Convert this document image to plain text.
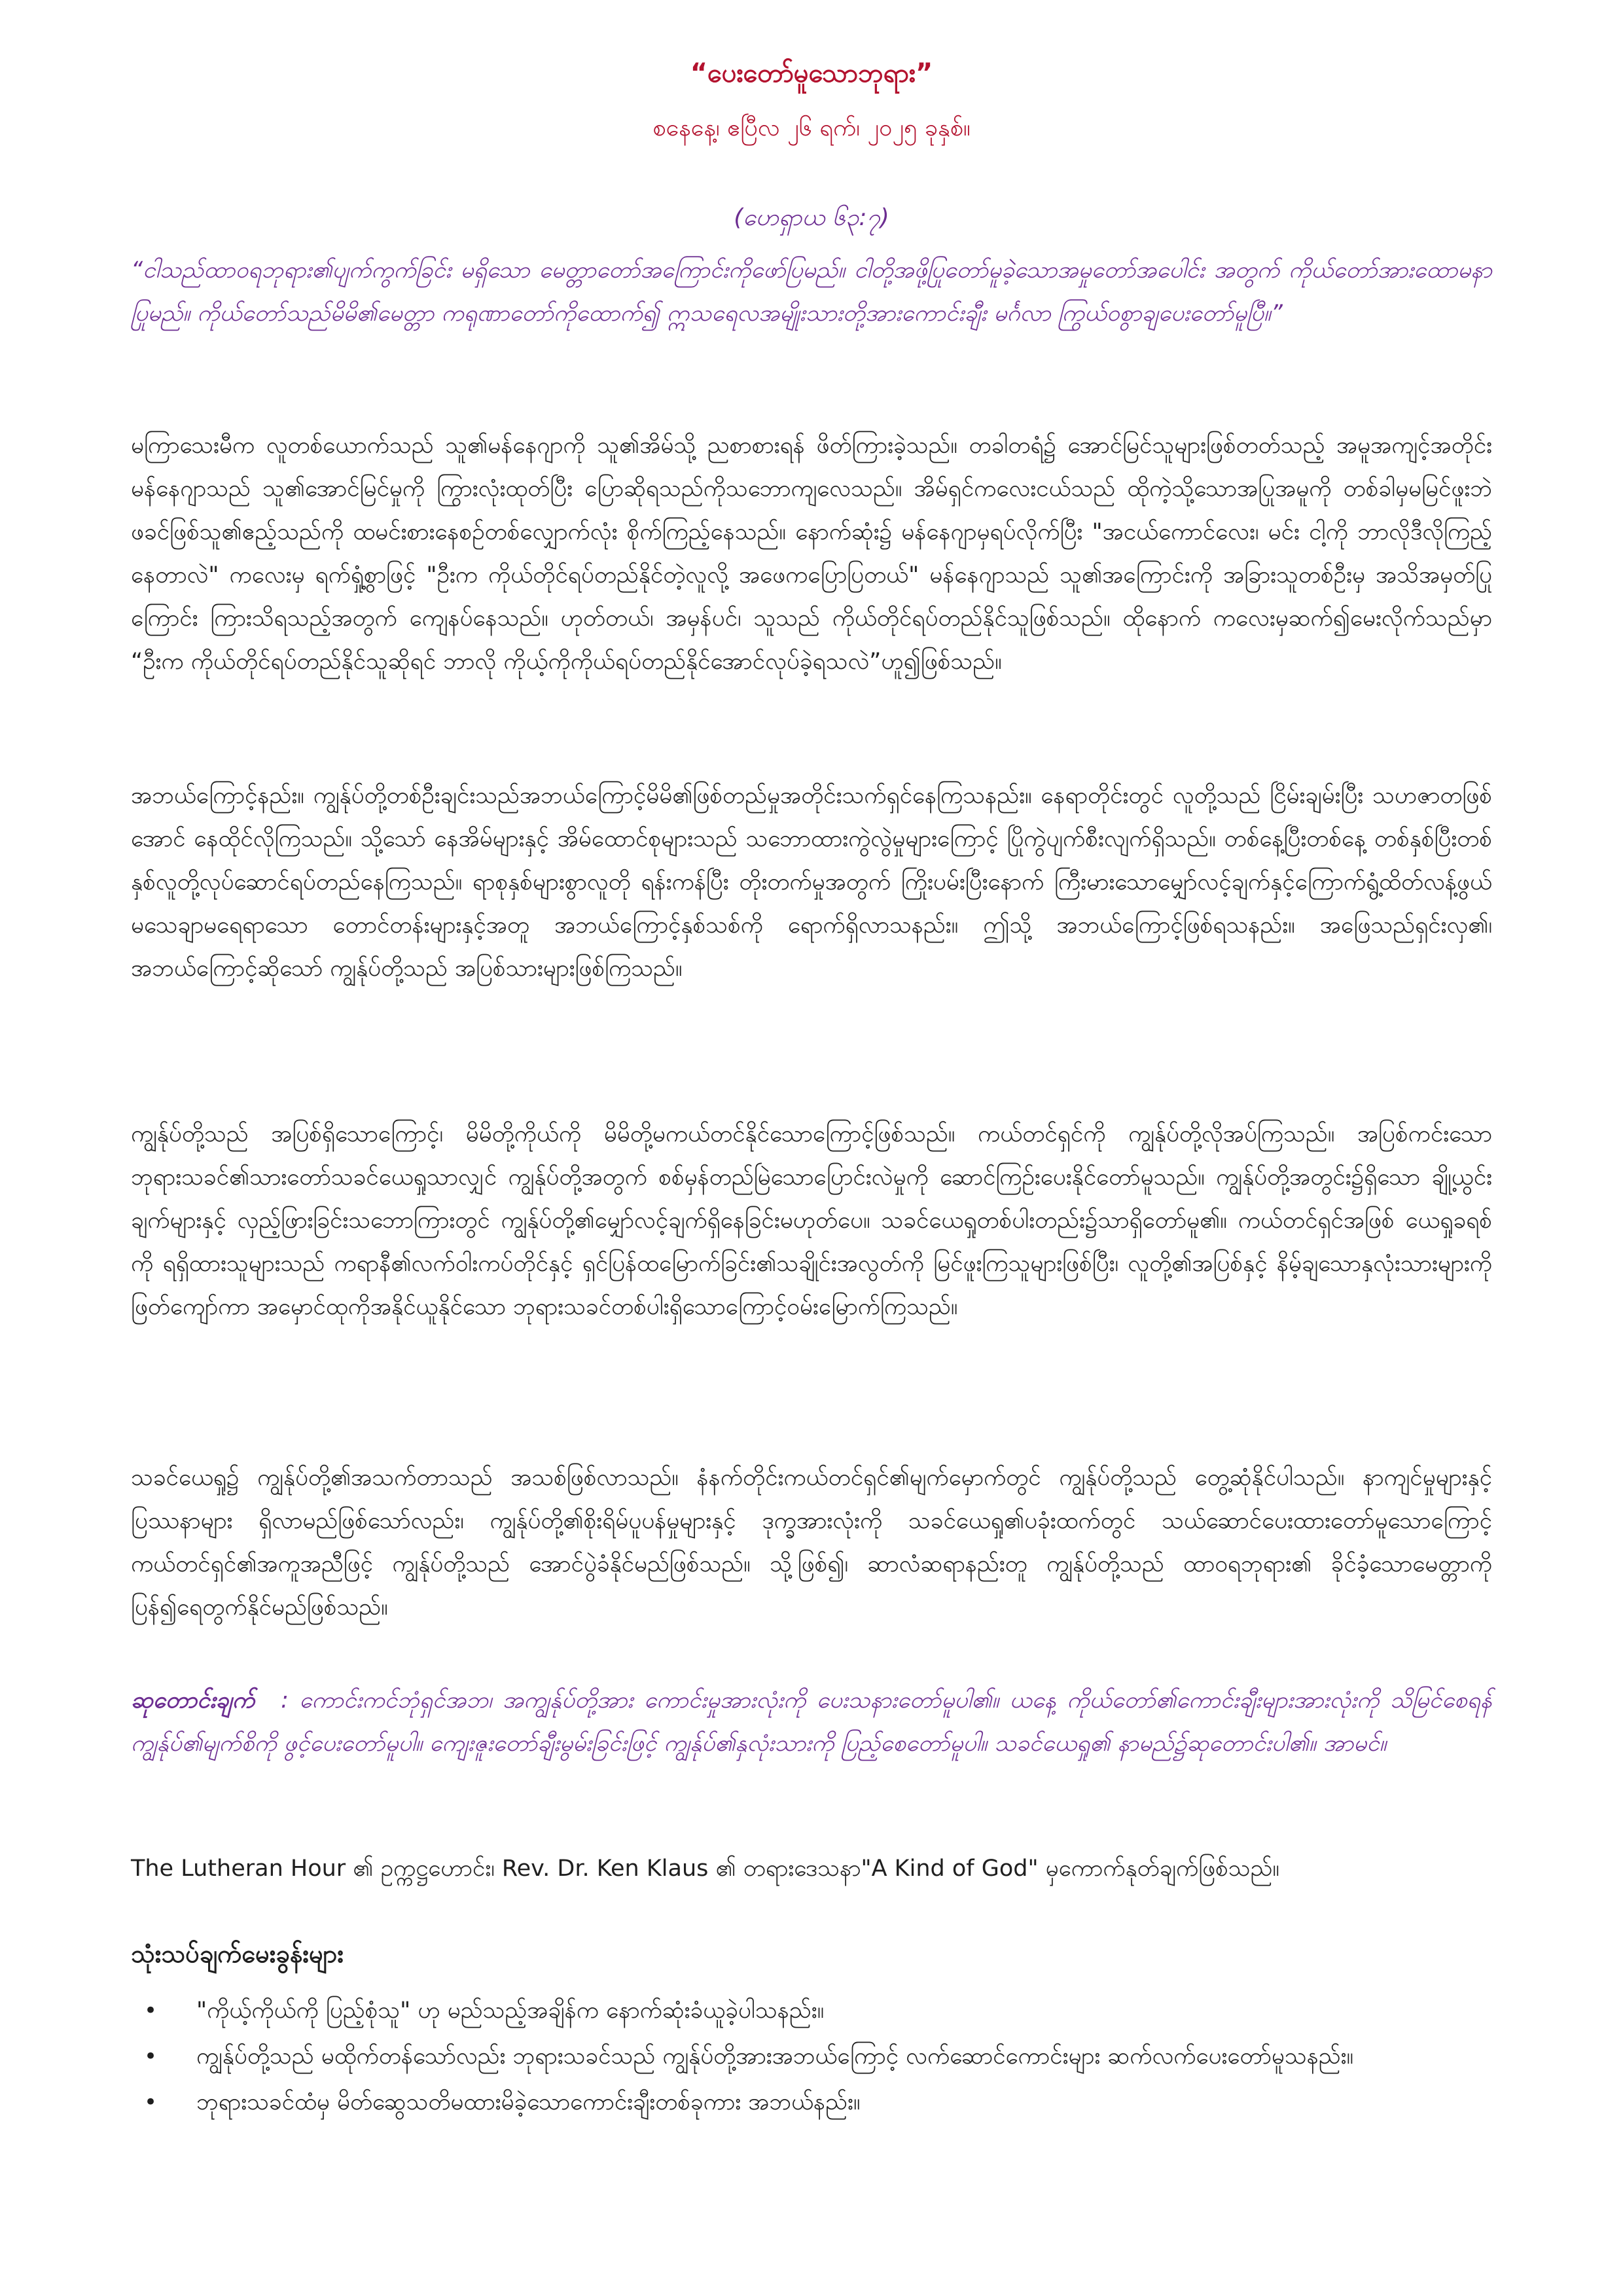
“ပေးတော်မူသောဘုရား”
စနေနေ့၊ ဧပြီလ ၂၆ ရက်၊ ၂၀၂၅ ခုနှစ်။
(ဟေရှာယ ၆၃:၇)
“ငါသည်ထာဝရဘုရား၏ပျက်ကွက်ခြင်း မရှိသော မေတ္တာတော်အကြောင်းကိုဖော်ပြမည်။ ငါတို့အဖို့ပြုတော်မူခဲ့သောအမှုတော်အပေါင်း အတွက် ကိုယ်တော်အားထောမနာပြုမည်။ ကိုယ်တော်သည်မိမိ၏မေတ္တာ ကရုဏာတော်ကိုထောက်၍ ဣသရေလအမျိုးသားတို့အားကောင်းချီး မင်္ဂလာ ကြွယ်ဝစွာချပေးတော်မူပြီ။”
မကြာသေးမီက လူတစ်ယောက်သည် သူ၏မန်နေဂျာကို သူ၏အိမ်သို့ ညစာစားရန် ဖိတ်ကြားခဲ့သည်။ တခါတရံ၌ အောင်မြင်သူများဖြစ်တတ်သည့် အမူအကျင့်အတိုင်း မန်နေဂျာသည် သူ၏အောင်မြင်မှုကို ကြွားလုံးထုတ်ပြီး ပြောဆိုရသည်ကိုသဘောကျလေသည်။ အိမ်ရှင်ကလေးငယ်သည် ထိုကဲ့သို့သောအပြုအမူကို တစ်ခါမှမမြင်ဖူးဘဲ ဖခင်ဖြစ်သူ၏ဧည့်သည်ကို ထမင်းစားနေစဉ်တစ်လျှောက်လုံး စိုက်ကြည့်နေသည်။ နောက်ဆုံး၌ မန်နေဂျာမှရပ်လိုက်ပြီး "အငယ်ကောင်လေး၊ မင်း ငါ့ကို ဘာလိုဒီလိုကြည့်နေတာလဲ" ကလေးမှ ရက်ရှုံ့စွာဖြင့် "ဦးက ကိုယ်တိုင်ရပ်တည်နိုင်တဲ့လူလို့ အဖေကပြောပြတယ်" မန်နေဂျာသည် သူ၏အကြောင်းကို အခြားသူတစ်ဦးမှ အသိအမှတ်ပြုကြောင်း ကြားသိရသည့်အတွက် ကျေနပ်နေသည်။ ဟုတ်တယ်၊ အမှန်ပင်၊ သူသည် ကိုယ်တိုင်ရပ်တည်နိုင်သူဖြစ်သည်။ ထိုနောက် ကလေးမှဆက်၍မေးလိုက်သည်မှာ “ဦးက ကိုယ်တိုင်ရပ်တည်နိုင်သူဆိုရင် ဘာလို ကိုယ့်ကိုကိုယ်ရပ်တည်နိုင်အောင်လုပ်ခဲ့ရသလဲ”ဟူ၍ဖြစ်သည်။
အဘယ်ကြောင့်နည်း။ ကျွန်ုပ်တို့တစ်ဦးချင်းသည်အဘယ်ကြောင့်မိမိ၏ဖြစ်တည်မှုအတိုင်းသက်ရှင်နေကြသနည်း။ နေရာတိုင်းတွင် လူတို့သည် ငြိမ်းချမ်းပြီး သဟဇာတဖြစ်အောင် နေထိုင်လိုကြသည်။ သို့သော် နေအိမ်များနှင့် အိမ်ထောင်စုများသည် သဘောထားကွဲလွဲမှုများကြောင့် ပြိုကွဲပျက်စီးလျက်ရှိသည်။ တစ်နေ့ပြီးတစ်နေ့ တစ်နှစ်ပြီးတစ်နှစ်လူတို့လုပ်ဆောင်ရပ်တည်နေကြသည်။ ရာစုနှစ်များစွာလူတို ရန်းကန်ပြီး တိုးတက်မှုအတွက် ကြိုးပမ်းပြီးနောက် ကြီးမားသောမျှော်လင့်ချက်နှင့်ကြောက်ရွံ့ထိတ်လန့်ဖွယ် မသေချာမရေရာသော တောင်တန်းများနှင့်အတူ အဘယ်ကြောင့်နှစ်သစ်ကို ရောက်ရှိလာသနည်း။ ဤသို့ အဘယ်ကြောင့်ဖြစ်ရသနည်း။ အဖြေသည်ရှင်းလှ၏၊ အဘယ်ကြောင့်ဆိုသော် ကျွန်ုပ်တို့သည် အပြစ်သားများဖြစ်ကြသည်။
ကျွန်ုပ်တို့သည် အပြစ်ရှိသောကြောင့်၊ မိမိတို့ကိုယ်ကို မိမိတို့မကယ်တင်နိုင်သောကြောင့်ဖြစ်သည်။ ကယ်တင်ရှင်ကို ကျွန်ုပ်တို့လိုအပ်ကြသည်။ အပြစ်ကင်းသော ဘုရားသခင်၏သားတော်သခင်ယေရှုသာလျှင် ကျွန်ုပ်တို့အတွက် စစ်မှန်တည်မြဲသောပြောင်းလဲမှုကို ဆောင်ကြဉ်းပေးနိုင်တော်မူသည်။ ကျွန်ုပ်တို့အတွင်း၌ရှိသော ချို့ယွင်းချက်များနှင့် လှည့်ဖြားခြင်းသဘောကြားတွင် ကျွန်ုပ်တို့၏မျှော်လင့်ချက်ရှိနေခြင်းမဟုတ်ပေ။ သခင်ယေရှုတစ်ပါးတည်း၌သာရှိတော်မူ၏။ ကယ်တင်ရှင်အဖြစ် ယေရှုခရစ်ကို ရရှိထားသူများသည် ကရာနီ၏လက်ဝါးကပ်တိုင်နှင့် ရှင်ပြန်ထမြောက်ခြင်း၏သချိုင်းအလွတ်ကို မြင်ဖူးကြသူများဖြစ်ပြီး၊ လူတို့၏အပြစ်နှင့် နိမ့်ချသောနှလုံးသားများကိုဖြတ်ကျော်ကာ အမှောင်ထုကိုအနိုင်ယူနိုင်သော ဘုရားသခင်တစ်ပါးရှိသောကြောင့်ဝမ်းမြောက်ကြသည်။
သခင်ယေရှု၌ ကျွန်ုပ်တို့၏အသက်တာသည် အသစ်ဖြစ်လာသည်။ နံနက်တိုင်းကယ်တင်ရှင်၏မျက်မှောက်တွင် ကျွန်ုပ်တို့သည် တွေ့ဆုံနိုင်ပါသည်။ နာကျင်မှုများနှင့် ပြဿနာများ ရှိလာမည်ဖြစ်သော်လည်း၊ ကျွန်ုပ်တို့၏စိုးရိမ်ပူပန်မှုများနှင့် ဒုက္ခအားလုံးကို သခင်ယေရှု၏ပခုံးထက်တွင် သယ်ဆောင်ပေးထားတော်မူသောကြောင့် ကယ်တင်ရှင်၏အကူအညီဖြင့် ကျွန်ုပ်တို့သည် အောင်ပွဲခံနိုင်မည်ဖြစ်သည်။ သို့ဖြစ်၍၊ ဆာလံဆရာနည်းတူ ကျွန်ုပ်တို့သည် ထာဝရဘုရား၏ ခိုင်ခံ့သောမေတ္တာကိုပြန်၍ရေတွက်နိုင်မည်ဖြစ်သည်။
ဆုတောင်းချက် : ကောင်းကင်ဘုံရှင်အဘ၊ အကျွန်ုပ်တို့အား ကောင်းမှုအားလုံးကို ပေးသနားတော်မူပါ၏။ ယနေ့ ကိုယ်တော်၏ကောင်းချီးများအားလုံးကို သိမြင်စေရန် ကျွန်ုပ်၏မျက်စိကို ဖွင့်ပေးတော်မူပါ။ ကျေးဇူးတော်ချီးမွမ်းခြင်းဖြင့် ကျွန်ုပ်၏နှလုံးသားကို ပြည့်စေတော်မူပါ။ သခင်ယေရှု၏ နာမည်၌ဆုတောင်းပါ၏။ အာမင်။
The Lutheran Hour ၏ ဥက္ကဋ္ဌဟောင်း၊ Rev. Dr. Ken Klaus ၏ တရားဒေသနာ"A Kind of God" မှကောက်နုတ်ချက်ဖြစ်သည်။
သုံးသပ်ချက်မေးခွန်းများ
• "ကိုယ့်ကိုယ်ကို ပြည့်စုံသူ" ဟု မည်သည့်အချိန်က နောက်ဆုံးခံယူခဲ့ပါသနည်း။
• ကျွန်ုပ်တို့သည် မထိုက်တန်သော်လည်း ဘုရားသခင်သည် ကျွန်ုပ်တို့အားအဘယ်ကြောင့် လက်ဆောင်ကောင်းများ ဆက်လက်ပေးတော်မူသနည်း။
• ဘုရားသခင်ထံမှ မိတ်ဆွေသတိမထားမိခဲ့သောကောင်းချီးတစ်ခုကား အဘယ်နည်း။
